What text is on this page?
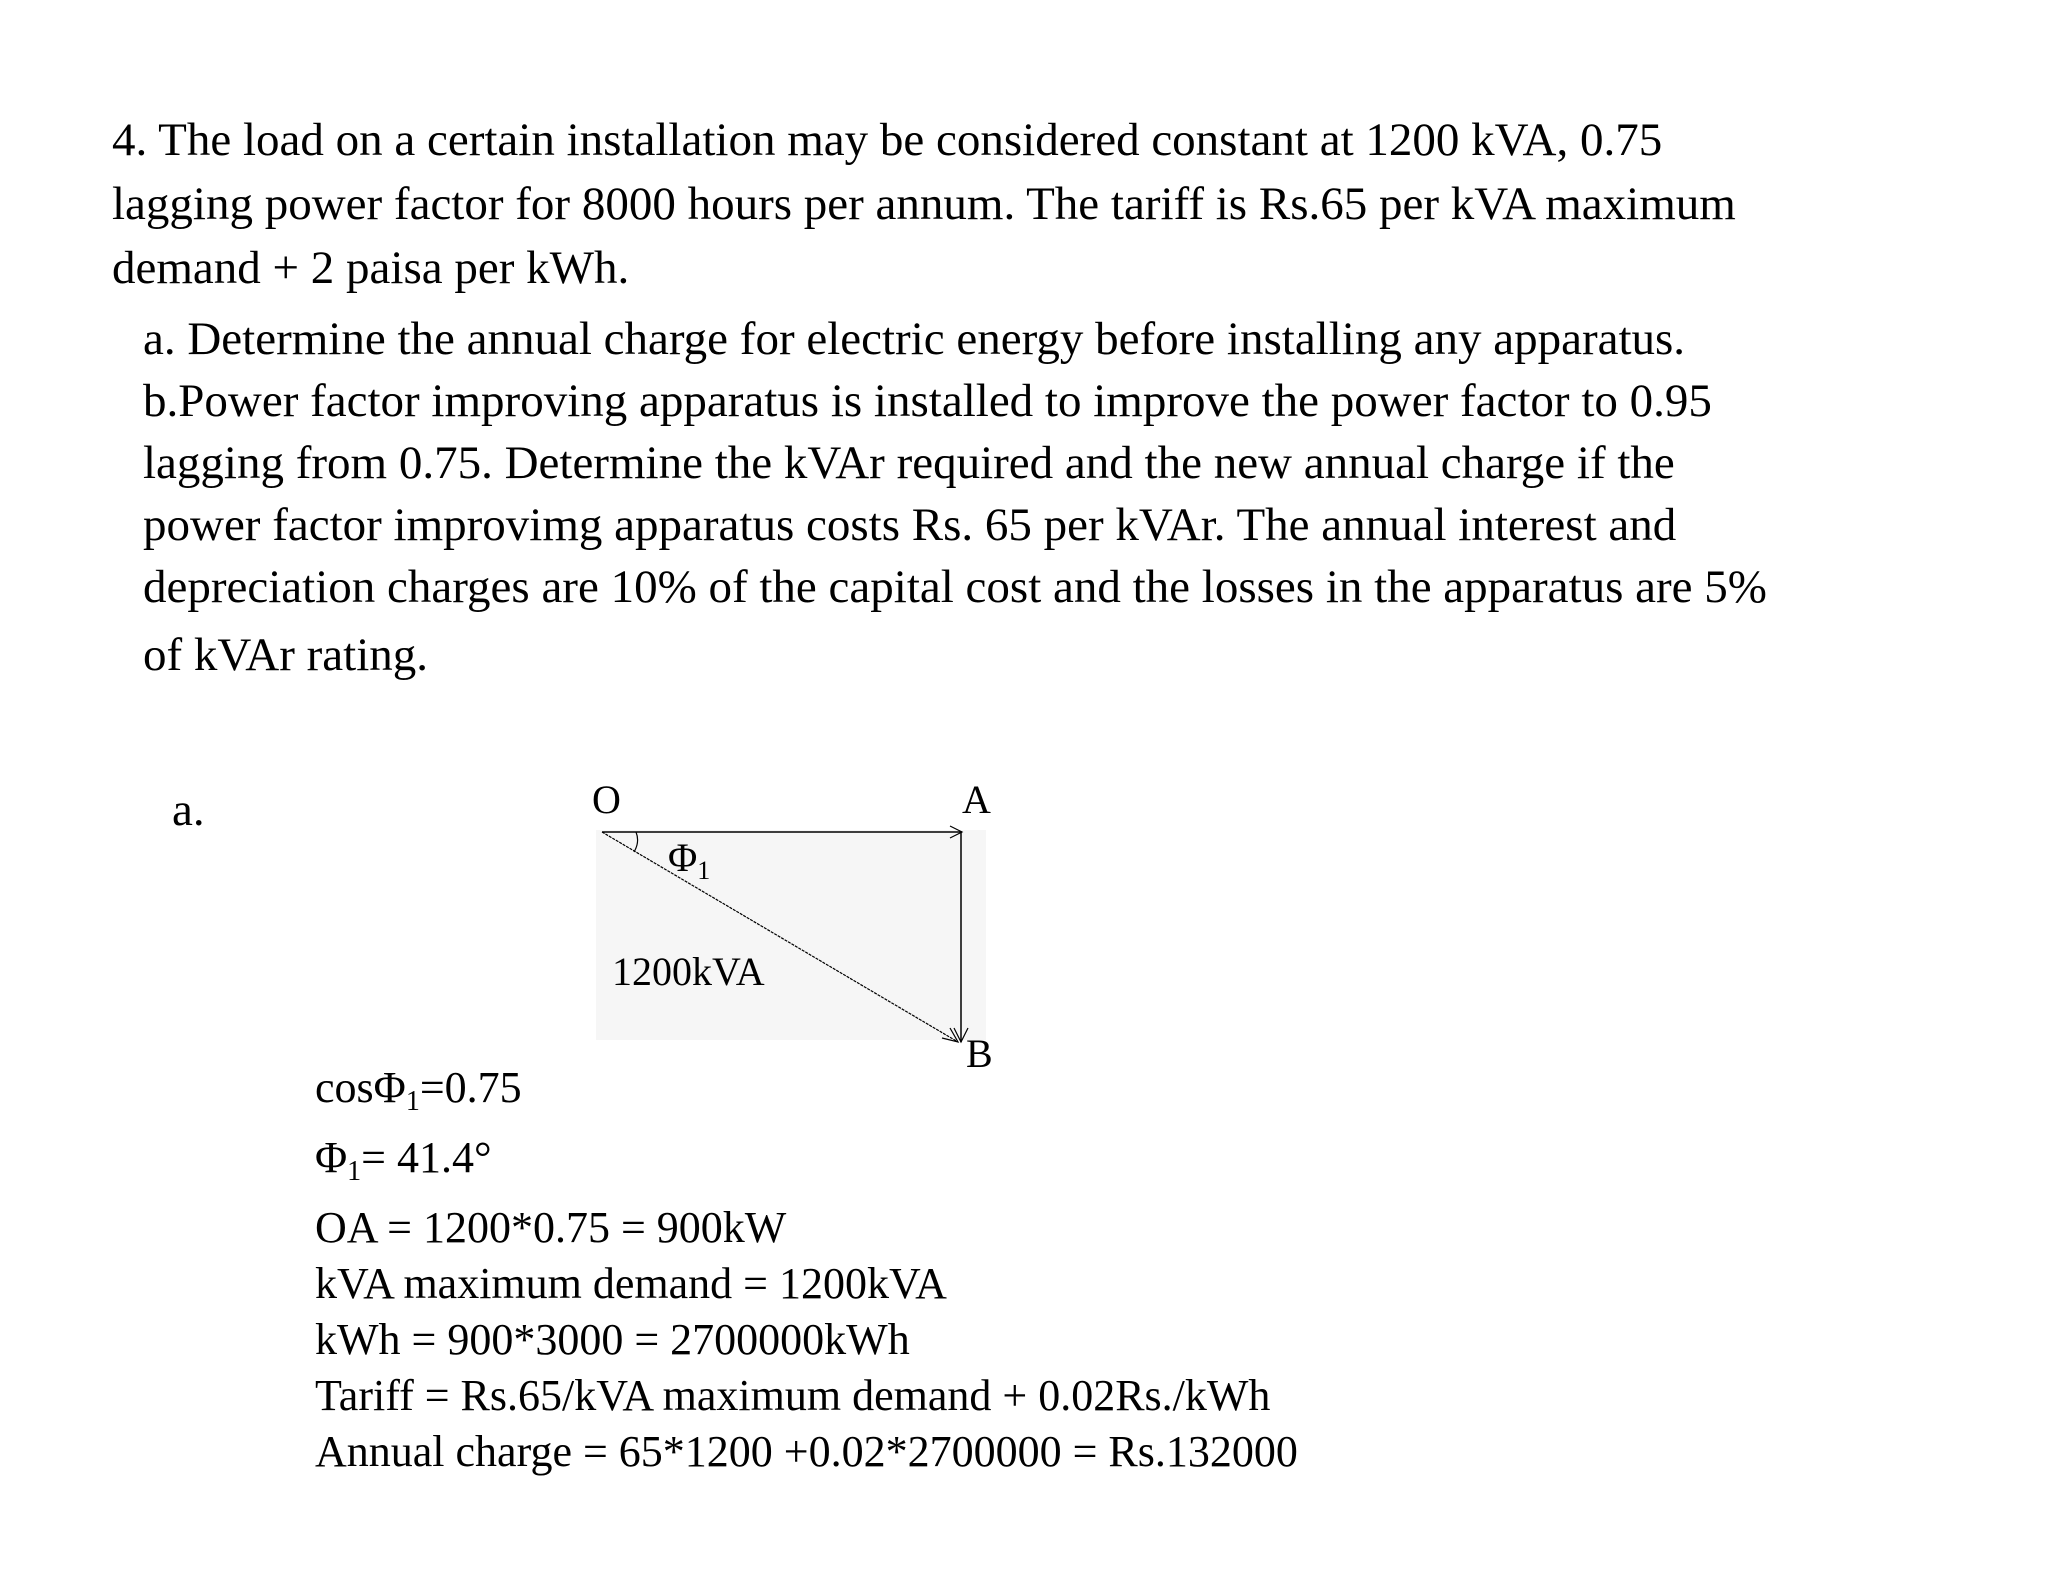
4. The load on a certain installation may be considered constant at 1200 kVA, 0.75
lagging power factor for 8000 hours per annum. The tariff is Rs.65 per kVA maximum
demand + 2 paisa per kWh.

a. Determine the annual charge for electric energy before installing any apparatus.

b.Power factor improving apparatus is installed to improve the power factor to 0.95

lagging from 0.75. Determine the kVAr required and the new annual charge if the

power factor improvimg apparatus costs Rs. 65 per kVAr. The annual interest and

depreciation charges are 10% of the capital cost and the losses in the apparatus are 5%

of kVAr rating.

a.	O	A
B
$\Phi_1$
1200kVA
cosΦ$_1$=0.75
$\Phi_1= 41.4^\circ$
OA = 1200*0.75 = 900kW
kVA maximum demand = 1200kVA
kWh = 900*3000 = 2700000kWh
Tariff = Rs.65/kVA maximum demand + 0.02Rs./kWh
Annual charge = 65*1200 +0.02*2700000 = Rs.132000
